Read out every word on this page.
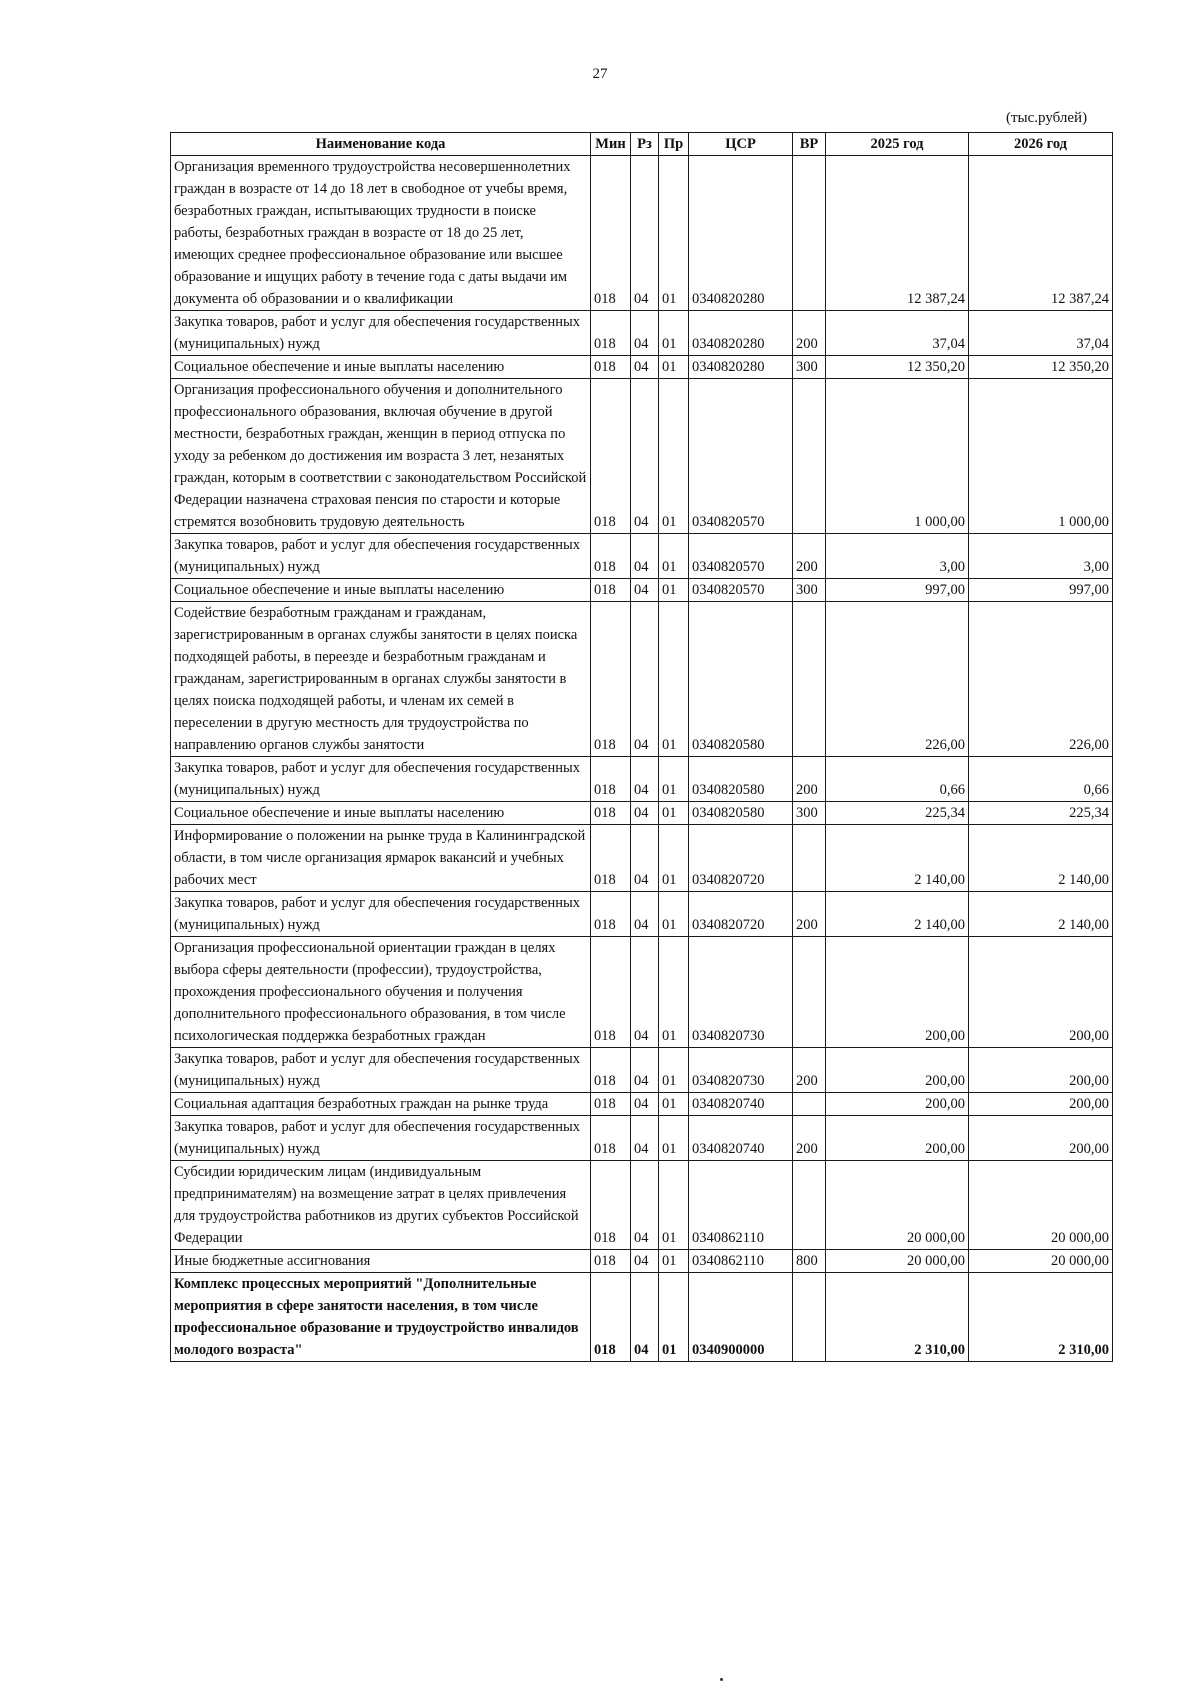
27
(тыс.рублей)
Наименование кода	Мин	Рз	Пр	ЦСР	ВР	2025 год	2026 год
Организация временного трудоустройства несовершеннолетних граждан в возрасте от 14 до 18 лет в свободное от учебы время, безработных граждан, испытывающих трудности в поиске работы, безработных граждан в возрасте от 18 до 25 лет, имеющих среднее профессиональное образование или высшее образование и ищущих работу в течение года с даты выдачи им документа об образовании и о квалификации	018	04	01	0340820280		12 387,24	12 387,24
Закупка товаров, работ и услуг для обеспечения государственных (муниципальных) нужд	018	04	01	0340820280	200	37,04	37,04
Социальное обеспечение и иные выплаты населению	018	04	01	0340820280	300	12 350,20	12 350,20
Организация профессионального обучения и дополнительного профессионального образования, включая обучение в другой местности, безработных граждан, женщин в период отпуска по уходу за ребенком до достижения им возраста 3 лет, незанятых граждан, которым в соответствии с законодательством Российской Федерации назначена страховая пенсия по старости и которые стремятся возобновить трудовую деятельность	018	04	01	0340820570		1 000,00	1 000,00
Закупка товаров, работ и услуг для обеспечения государственных (муниципальных) нужд	018	04	01	0340820570	200	3,00	3,00
Социальное обеспечение и иные выплаты населению	018	04	01	0340820570	300	997,00	997,00
Содействие безработным гражданам и гражданам, зарегистрированным в органах службы занятости в целях поиска подходящей работы, в переезде и безработным гражданам и гражданам, зарегистрированным в органах службы занятости в целях поиска подходящей работы, и членам их семей в переселении в другую местность для трудоустройства по направлению органов службы занятости	018	04	01	0340820580		226,00	226,00
Закупка товаров, работ и услуг для обеспечения государственных (муниципальных) нужд	018	04	01	0340820580	200	0,66	0,66
Социальное обеспечение и иные выплаты населению	018	04	01	0340820580	300	225,34	225,34
Информирование о положении на рынке труда в Калининградской области, в том числе организация ярмарок вакансий и учебных рабочих мест	018	04	01	0340820720		2 140,00	2 140,00
Закупка товаров, работ и услуг для обеспечения государственных (муниципальных) нужд	018	04	01	0340820720	200	2 140,00	2 140,00
Организация профессиональной ориентации граждан в целях выбора сферы деятельности (профессии), трудоустройства, прохождения профессионального обучения и получения дополнительного профессионального образования, в том числе психологическая поддержка безработных граждан	018	04	01	0340820730		200,00	200,00
Закупка товаров, работ и услуг для обеспечения государственных (муниципальных) нужд	018	04	01	0340820730	200	200,00	200,00
Социальная адаптация безработных граждан на рынке труда	018	04	01	0340820740		200,00	200,00
Закупка товаров, работ и услуг для обеспечения государственных (муниципальных) нужд	018	04	01	0340820740	200	200,00	200,00
Субсидии юридическим лицам (индивидуальным предпринимателям) на возмещение затрат в целях привлечения для трудоустройства работников из других субъектов Российской Федерации	018	04	01	0340862110		20 000,00	20 000,00
Иные бюджетные ассигнования	018	04	01	0340862110	800	20 000,00	20 000,00
Комплекс процессных мероприятий "Дополнительные мероприятия в сфере занятости населения, в том числе профессиональное образование и трудоустройство инвалидов молодого возраста"	018	04	01	0340900000		2 310,00	2 310,00
